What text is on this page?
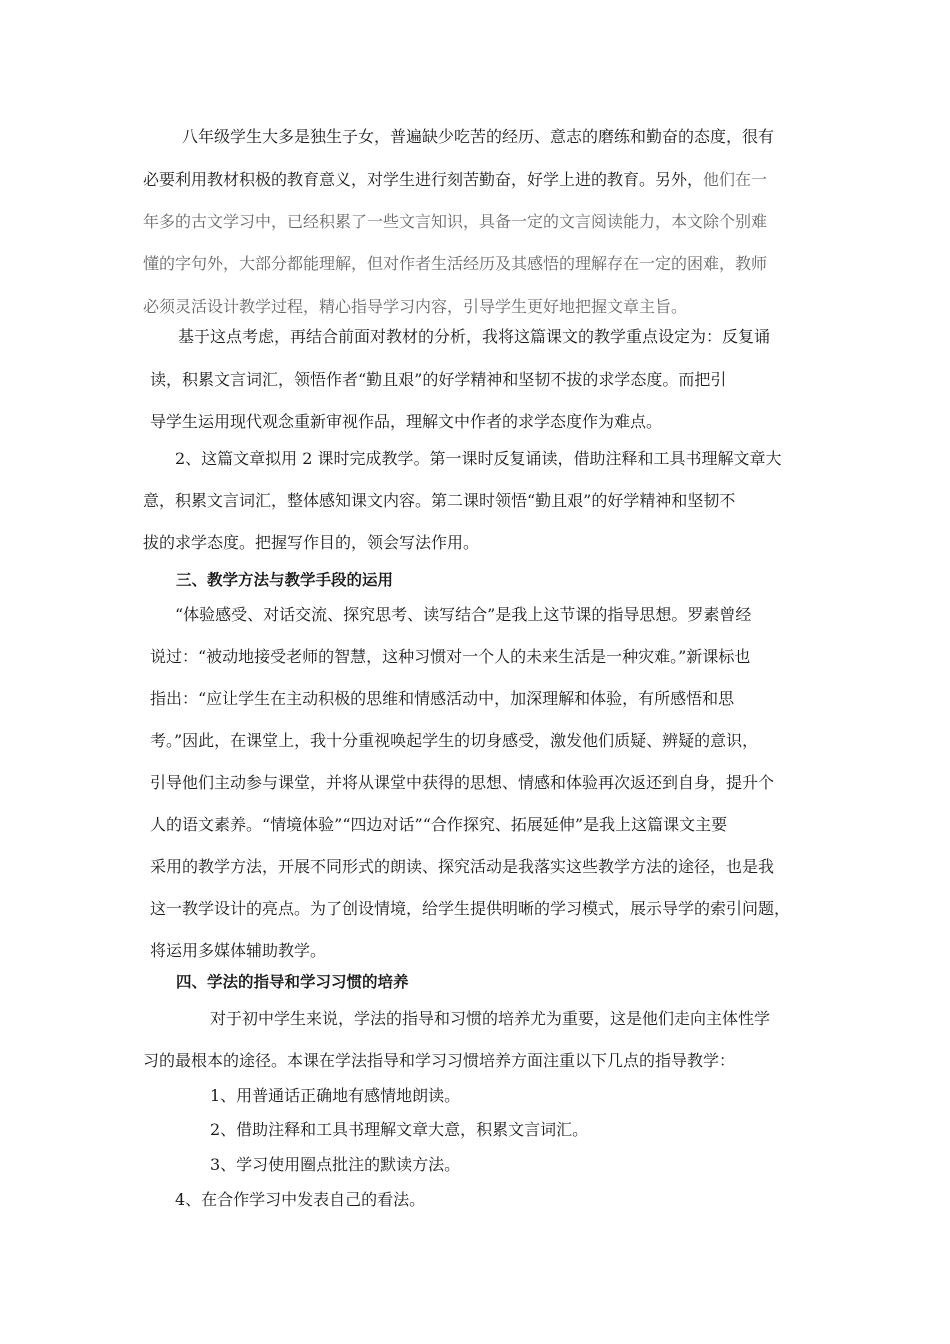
八年级学生大多是独生子女，普遍缺少吃苦的经历、意志的磨练和勤奋的态度，很有
必要利用教材积极的教育意义，对学生进行刻苦勤奋，好学上进的教育。另外，他们在一
年多的古文学习中，已经积累了一些文言知识，具备一定的文言阅读能力，本文除个别难
懂的字句外，大部分都能理解，但对作者生活经历及其感悟的理解存在一定的困难，教师
必须灵活设计教学过程，精心指导学习内容，引导学生更好地把握文章主旨。
基于这点考虑，再结合前面对教材的分析，我将这篇课文的教学重点设定为：反复诵
读，积累文言词汇，领悟作者“勤且艰”的好学精神和坚韧不拔的求学态度。而把引
导学生运用现代观念重新审视作品，理解文中作者的求学态度作为难点。
2、这篇文章拟用 2 课时完成教学。第一课时反复诵读，借助注释和工具书理解文章大
意，积累文言词汇，整体感知课文内容。第二课时领悟“勤且艰”的好学精神和坚韧不
拔的求学态度。把握写作目的，领会写法作用。
三、教学方法与教学手段的运用
“体验感受、对话交流、探究思考、读写结合”是我上这节课的指导思想。罗素曾经
说过：“被动地接受老师的智慧，这种习惯对一个人的未来生活是一种灾难。”新课标也
指出：“应让学生在主动积极的思维和情感活动中，加深理解和体验，有所感悟和思
考。”因此，在课堂上，我十分重视唤起学生的切身感受，激发他们质疑、辨疑的意识，
引导他们主动参与课堂，并将从课堂中获得的思想、情感和体验再次返还到自身，提升个
人的语文素养。“情境体验”“四边对话”“合作探究、拓展延伸”是我上这篇课文主要
采用的教学方法，开展不同形式的朗读、探究活动是我落实这些教学方法的途径，也是我
这一教学设计的亮点。为了创设情境，给学生提供明晰的学习模式，展示导学的索引问题，
将运用多媒体辅助教学。
四、学法的指导和学习习惯的培养
对于初中学生来说，学法的指导和习惯的培养尤为重要，这是他们走向主体性学
习的最根本的途径。本课在学法指导和学习习惯培养方面注重以下几点的指导教学：
1、用普通话正确地有感情地朗读。
2、借助注释和工具书理解文章大意，积累文言词汇。
3、学习使用圈点批注的默读方法。
4、在合作学习中发表自己的看法。
